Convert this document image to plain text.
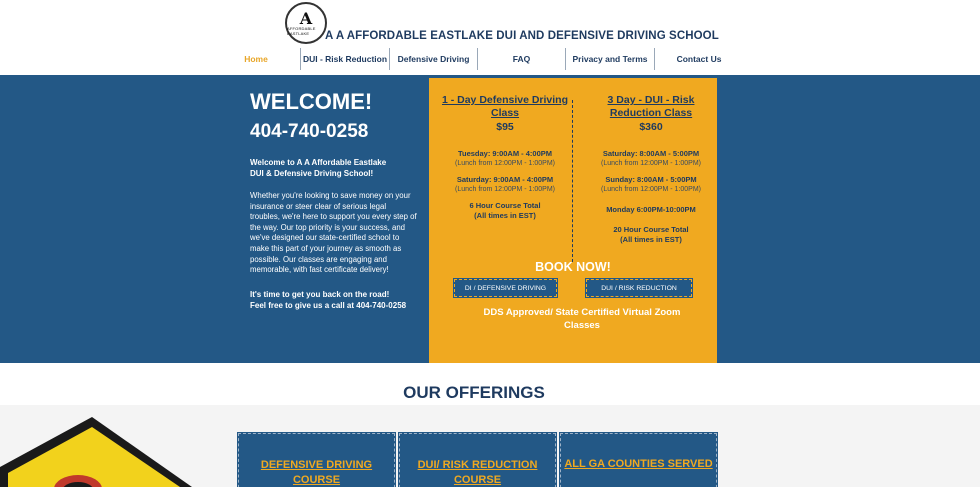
A
AFFORDABLE EASTLAKE	A A AFFORDABLE EASTLAKE DUI AND DEFENSIVE DRIVING SCHOOL
Home	DUI - Risk Reduction	Defensive Driving	FAQ	Privacy and Terms	Contact Us
WELCOME!
404-740-0258
Welcome to A A Affordable Eastlake DUI & Defensive Driving School!
Whether you're looking to save money on your insurance or steer clear of serious legal troubles, we're here to support you every step of the way. Our top priority is your success, and we've designed our state-certified school to make this part of your journey as smooth as possible. Our classes are engaging and memorable, with fast certificate delivery!
It's time to get you back on the road!
Feel free to give us a call at 404-740-0258
1 - Day Defensive Driving Class
$95
Tuesday: 9:00AM - 4:00PM
(Lunch from 12:00PM - 1:00PM)
Saturday: 9:00AM - 4:00PM
(Lunch from 12:00PM - 1:00PM)
6 Hour Course Total
(All times in EST)
3 Day - DUI - Risk Reduction Class
$360
Saturday: 8:00AM - 5:00PM
(Lunch from 12:00PM - 1:00PM)
Sunday: 8:00AM - 5:00PM
(Lunch from 12:00PM - 1:00PM)
Monday 6:00PM-10:00PM
20 Hour Course Total
(All times in EST)
BOOK NOW!
DI / DEFENSIVE DRIVING	DUI / RISK REDUCTION
DDS Approved/ State Certified Virtual Zoom Classes
OUR OFFERINGS
DEFENSIVE DRIVING COURSE
DUI/ RISK REDUCTION COURSE
ALL GA COUNTIES SERVED
